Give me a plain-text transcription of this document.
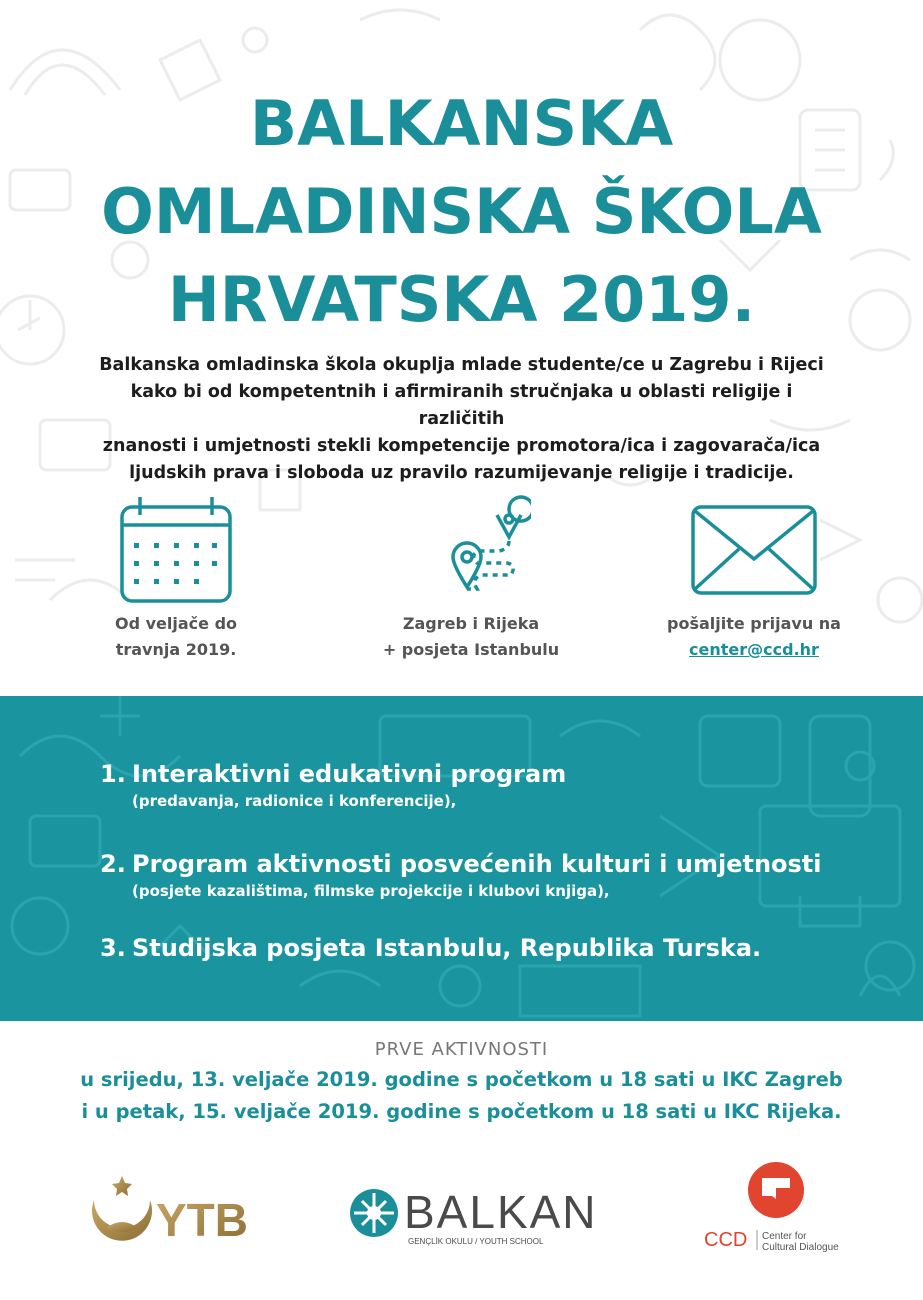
BALKANSKA
OMLADINSKA ŠKOLA
HRVATSKA 2019.
Balkanska omladinska škola okuplja mlade studente/ce u Zagrebu i Rijeci
kako bi od kompetentnih i afirmiranih stručnjaka u oblasti religije i različitih
znanosti i umjetnosti stekli kompetencije promotora/ica i zagovarača/ica
ljudskih prava i sloboda uz pravilo razumijevanje religije i tradicije.
Od veljače do
travnja 2019.
Zagreb i Rijeka
+ posjeta Istanbulu
pošaljite prijavu na
center@ccd.hr
1. Interaktivni edukativni program
(predavanja, radionice i konferencije),
2. Program aktivnosti posvećenih kulturi i umjetnosti
(posjete kazalištima, filmske projekcije i klubovi knjiga),
3. Studijska posjeta Istanbulu, Republika Turska.
PRVE AKTIVNOSTI
u srijedu, 13. veljače 2019. godine s početkom u 18 sati u IKC Zagreb
i u petak, 15. veljače 2019. godine s početkom u 18 sati u IKC Rijeka.
YTB	BALKAN
GENÇLİK OKULU / YOUTH SCHOOL	CCD Center for
Cultural Dialogue
